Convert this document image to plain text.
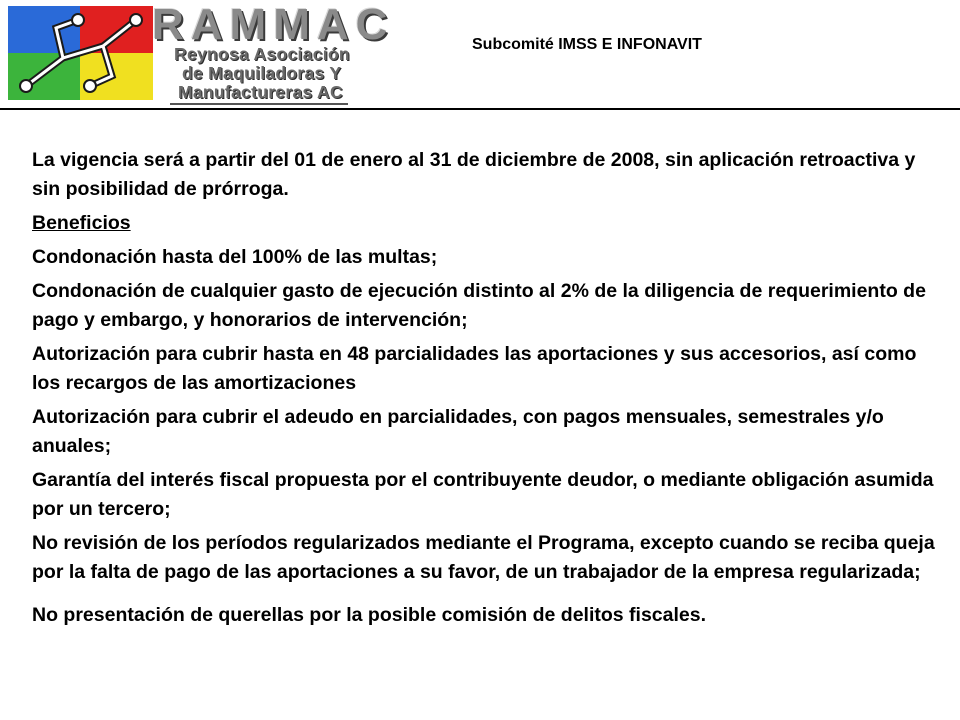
RAMMAC
Reynosa Asociación
de Maquiladoras Y
Manufactureras AC
Subcomité IMSS E INFONAVIT

La vigencia será a partir del 01 de enero al 31 de diciembre de 2008, sin aplicación retroactiva y sin posibilidad de prórroga.

Beneficios

Condonación hasta del 100% de las multas;

Condonación de cualquier gasto de ejecución distinto al 2% de la diligencia de requerimiento de pago y embargo, y honorarios de intervención;

Autorización para cubrir hasta en 48 parcialidades las aportaciones y sus accesorios, así como los recargos de las amortizaciones

Autorización para cubrir el adeudo en parcialidades, con pagos mensuales, semestrales y/o anuales;

Garantía del interés fiscal propuesta por el contribuyente deudor, o mediante obligación asumida por un tercero;

No revisión de los períodos regularizados mediante el Programa, excepto cuando se reciba queja por la falta de pago de las aportaciones a su favor, de un trabajador de la empresa regularizada;

No presentación de querellas por la posible comisión de delitos fiscales.
